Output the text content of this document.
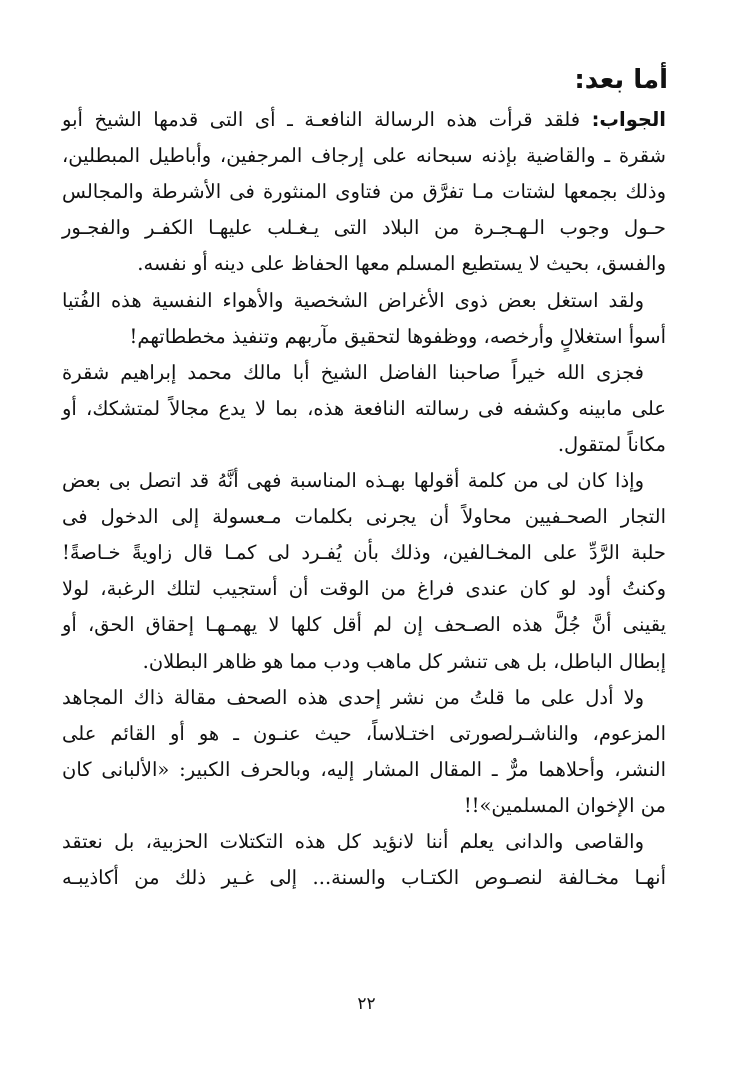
أما بعد:
الجواب: فلقد قرأت هذه الرسالة النافعـة ـ أى التى قدمها الشيخ أبو
شقرة ـ والقاضية بإذنه سبحانه على إرجاف المرجفين، وأباطيل المبطلين،
وذلك بجمعها لشتات مـا تفرَّق من فتاوى المنثورة فى الأشرطة والمجالس
حـول وجوب الـهـجـرة من البلاد التى يـغـلب عليهـا الكفـر والفجـور
والفسق، بحيث لا يستطيع المسلم معها الحفاظ على دينه أو نفسه.
ولقد استغل بعض ذوى الأغراض الشخصية والأهواء النفسية هذه الفُتيا
أسوأ استغلالٍ وأرخصه، ووظفوها لتحقيق مآربهم وتنفيذ مخططاتهم!
فجزى الله خيراً صاحبنا الفاضل الشيخ أبا مالك محمد إبراهيم شقرة
على مابينه وكشفه فى رسالته النافعة هذه، بما لا يدع مجالاً لمتشكك، أو
مكاناً لمتقول.
وإذا كان لى من كلمة أقولها بهـذه المناسبة فهى أنَّهُ قد اتصل بى بعض
التجار الصحـفيين محاولاً أن يجرنى بكلمات مـعسولة إلى الدخول فى
حلبة الرَّدِّ على المخـالفين، وذلك بأن يُفـرد لى كمـا قال زاويةً خـاصةً!
وكنتُ أود لو كان عندى فراغ من الوقت أن أستجيب لتلك الرغبة، لولا
يقينى أنَّ جُلَّ هذه الصـحف إن لم أقل كلها لا يهمـهـا إحقاق الحق، أو
إبطال الباطل، بل هى تنشر كل ماهب ودب مما هو ظاهر البطلان.
ولا أدل على ما قلتُ من نشر إحدى هذه الصحف مقالة ذاك المجاهد
المزعوم، والناشـرلصورتى اختـلاساً، حيث عنـون ـ هو أو القائم على
النشر، وأحلاهما مرٌّ ـ المقال المشار إليه، وبالحرف الكبير: «الألبانى كان
من الإخوان المسلمين»!!
والقاصى والدانى يعلم أننا لانؤيد كل هذه التكتلات الحزبية، بل نعتقد
أنهـا مخـالفة لنصـوص الكتـاب والسنة... إلى غـير ذلك من أكاذيبـه
٢٢
